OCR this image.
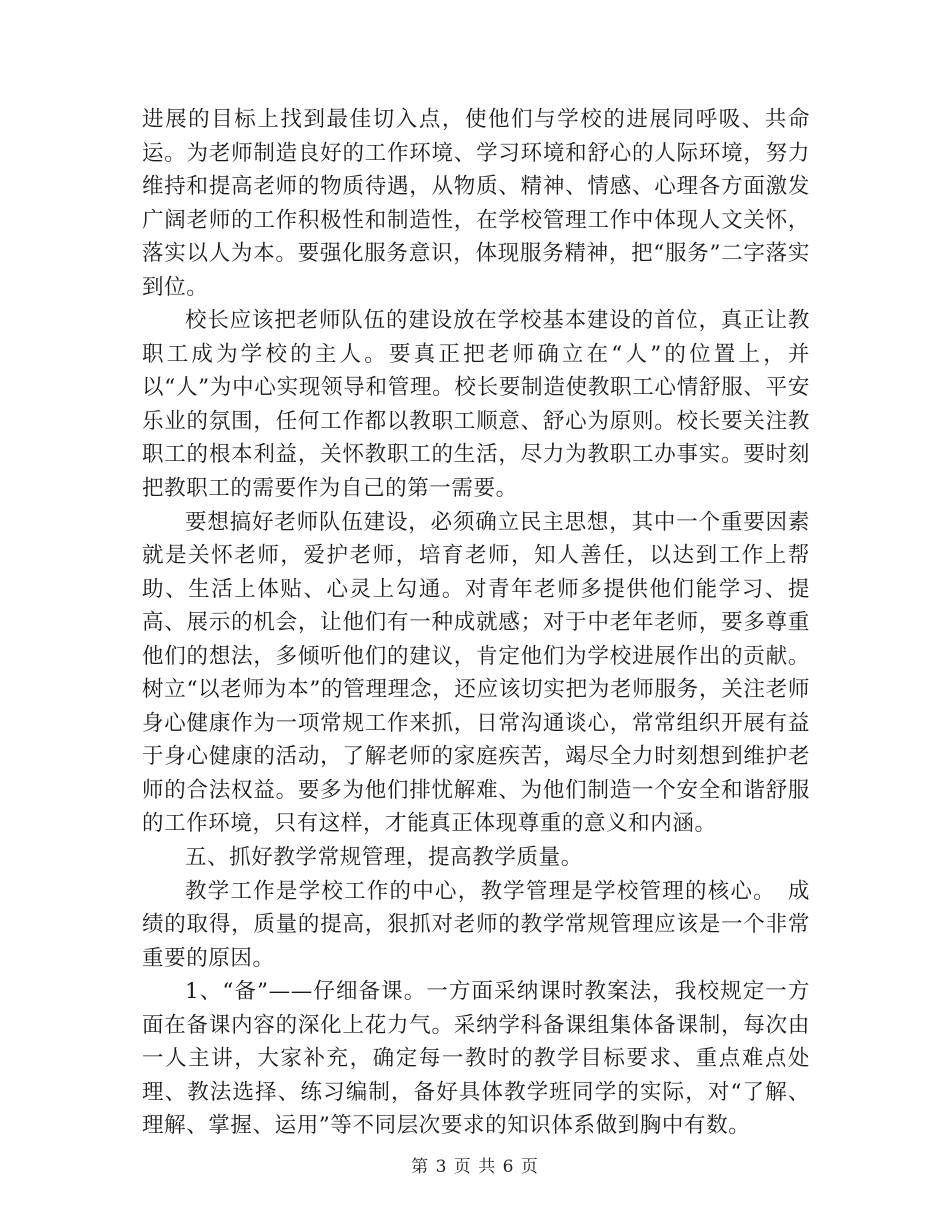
进展的目标上找到最佳切入点，使他们与学校的进展同呼吸、共命运。为老师制造良好的工作环境、学习环境和舒心的人际环境，努力维持和提高老师的物质待遇，从物质、精神、情感、心理各方面激发广阔老师的工作积极性和制造性，在学校管理工作中体现人文关怀，落实以人为本。要强化服务意识，体现服务精神，把“服务”二字落实到位。

校长应该把老师队伍的建设放在学校基本建设的首位，真正让教职工成为学校的主人。要真正把老师确立在“人”的位置上，并以“人”为中心实现领导和管理。校长要制造使教职工心情舒服、平安乐业的氛围，任何工作都以教职工顺意、舒心为原则。校长要关注教职工的根本利益，关怀教职工的生活，尽力为教职工办事实。要时刻把教职工的需要作为自己的第一需要。

要想搞好老师队伍建设，必须确立民主思想，其中一个重要因素就是关怀老师，爱护老师，培育老师，知人善任，以达到工作上帮助、生活上体贴、心灵上勾通。对青年老师多提供他们能学习、提高、展示的机会，让他们有一种成就感；对于中老年老师，要多尊重他们的想法，多倾听他们的建议，肯定他们为学校进展作出的贡献。树立“以老师为本”的管理理念，还应该切实把为老师服务，关注老师身心健康作为一项常规工作来抓，日常沟通谈心，常常组织开展有益于身心健康的活动，了解老师的家庭疾苦，竭尽全力时刻想到维护老师的合法权益。要多为他们排忧解难、为他们制造一个安全和谐舒服的工作环境，只有这样，才能真正体现尊重的意义和内涵。

五、抓好教学常规管理，提高教学质量。

教学工作是学校工作的中心，教学管理是学校管理的核心。　成绩的取得，质量的提高，狠抓对老师的教学常规管理应该是一个非常重要的原因。

1、“备”——仔细备课。一方面采纳课时教案法，我校规定一方面在备课内容的深化上花力气。采纳学科备课组集体备课制，每次由一人主讲，大家补充，确定每一教时的教学目标要求、重点难点处理、教法选择、练习编制，备好具体教学班同学的实际，对“了解、理解、掌握、运用”等不同层次要求的知识体系做到胸中有数。

第 3 页 共 6 页
